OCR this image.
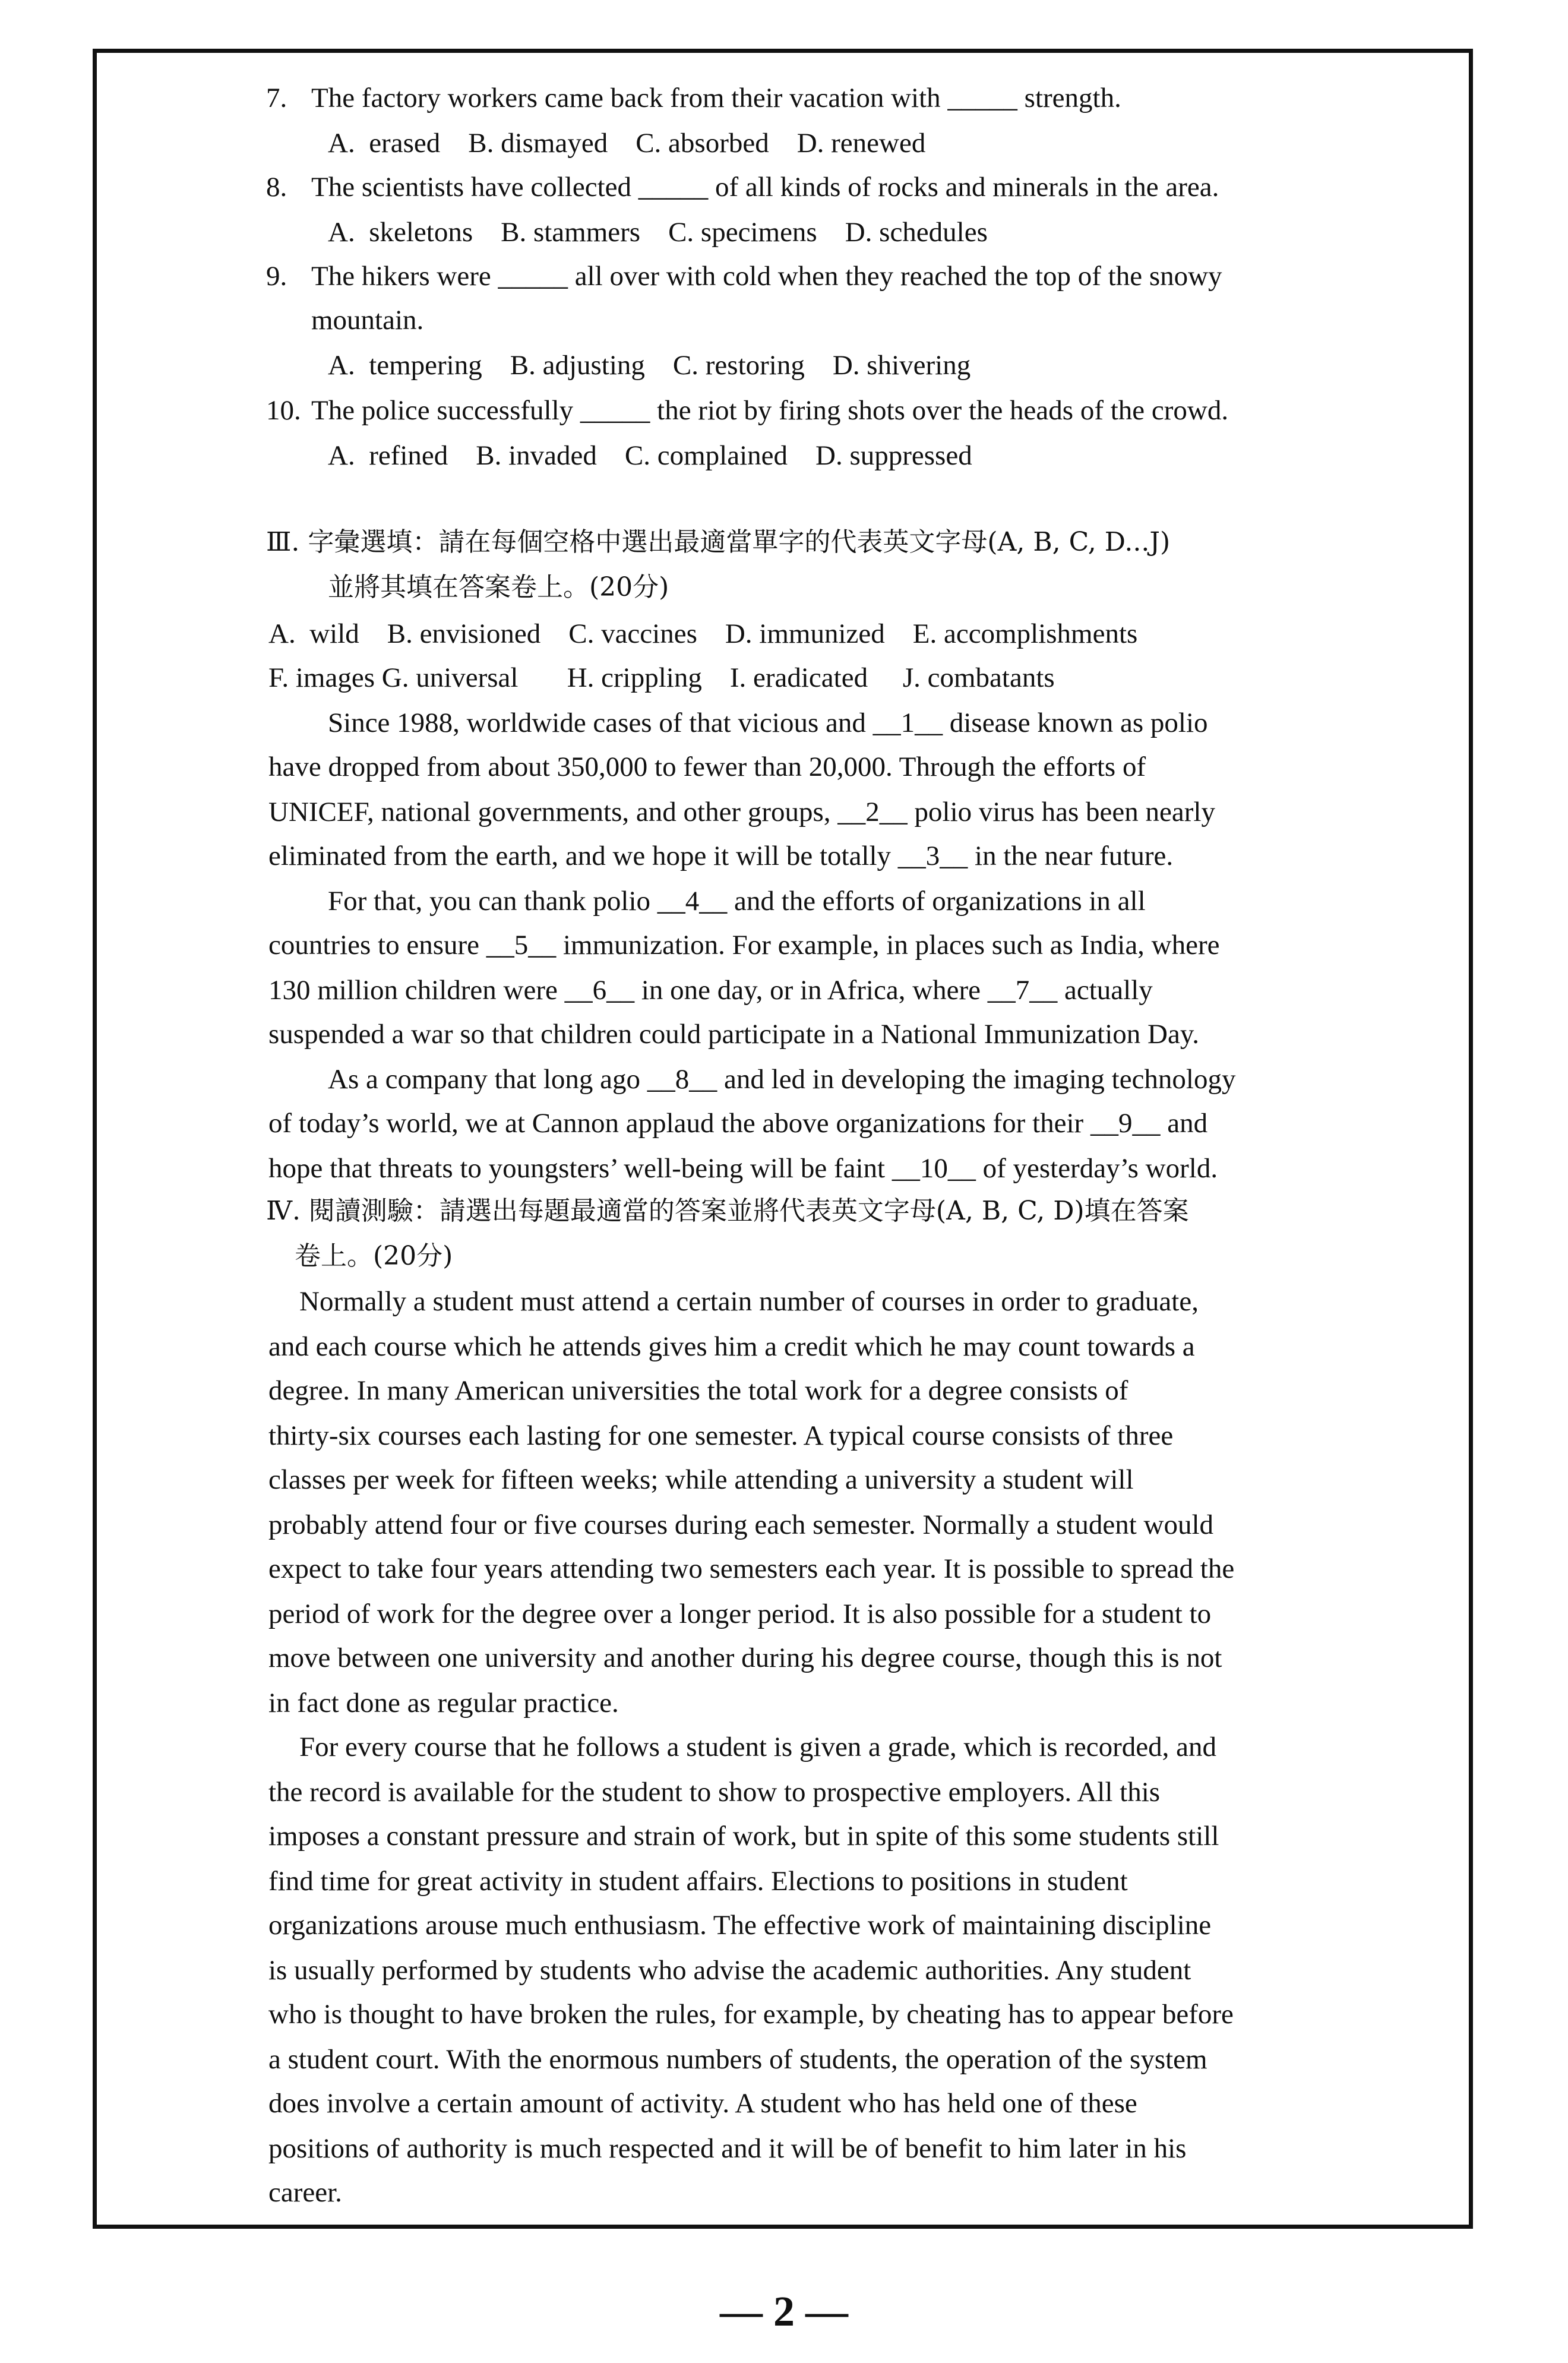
7. The factory workers came back from their vacation with _____ strength.
A.  erased    B. dismayed    C. absorbed    D. renewed
8. The scientists have collected _____ of all kinds of rocks and minerals in the area.
A.  skeletons    B. stammers    C. specimens    D. schedules
9. The hikers were _____ all over with cold when they reached the top of the snowy
mountain.
A.  tempering    B. adjusting    C. restoring    D. shivering
10. The police successfully _____ the riot by firing shots over the heads of the crowd.
A.  refined    B. invaded    C. complained    D. suppressed
Ⅲ. 字彙選填：請在每個空格中選出最適當單字的代表英文字母(A, B, C, D...J)
並將其填在答案卷上。(20分)
A.  wild    B. envisioned    C. vaccines    D. immunized    E. accomplishments
F. images G. universal       H. crippling    I. eradicated     J. combatants
Since 1988, worldwide cases of that vicious and __1__ disease known as polio
have dropped from about 350,000 to fewer than 20,000. Through the efforts of
UNICEF, national governments, and other groups, __2__ polio virus has been nearly
eliminated from the earth, and we hope it will be totally __3__ in the near future.
For that, you can thank polio __4__ and the efforts of organizations in all
countries to ensure __5__ immunization. For example, in places such as India, where
130 million children were __6__ in one day, or in Africa, where __7__ actually
suspended a war so that children could participate in a National Immunization Day.
As a company that long ago __8__ and led in developing the imaging technology
of today’s world, we at Cannon applaud the above organizations for their __9__ and
hope that threats to youngsters’ well-being will be faint __10__ of yesterday’s world.
Ⅳ. 閱讀測驗：請選出每題最適當的答案並將代表英文字母(A, B, C, D)填在答案
卷上。(20分)
Normally a student must attend a certain number of courses in order to graduate,
and each course which he attends gives him a credit which he may count towards a
degree. In many American universities the total work for a degree consists of
thirty-six courses each lasting for one semester. A typical course consists of three
classes per week for fifteen weeks; while attending a university a student will
probably attend four or five courses during each semester. Normally a student would
expect to take four years attending two semesters each year. It is possible to spread the
period of work for the degree over a longer period. It is also possible for a student to
move between one university and another during his degree course, though this is not
in fact done as regular practice.
For every course that he follows a student is given a grade, which is recorded, and
the record is available for the student to show to prospective employers. All this
imposes a constant pressure and strain of work, but in spite of this some students still
find time for great activity in student affairs. Elections to positions in student
organizations arouse much enthusiasm. The effective work of maintaining discipline
is usually performed by students who advise the academic authorities. Any student
who is thought to have broken the rules, for example, by cheating has to appear before
a student court. With the enormous numbers of students, the operation of the system
does involve a certain amount of activity. A student who has held one of these
positions of authority is much respected and it will be of benefit to him later in his
career.
— 2 —
